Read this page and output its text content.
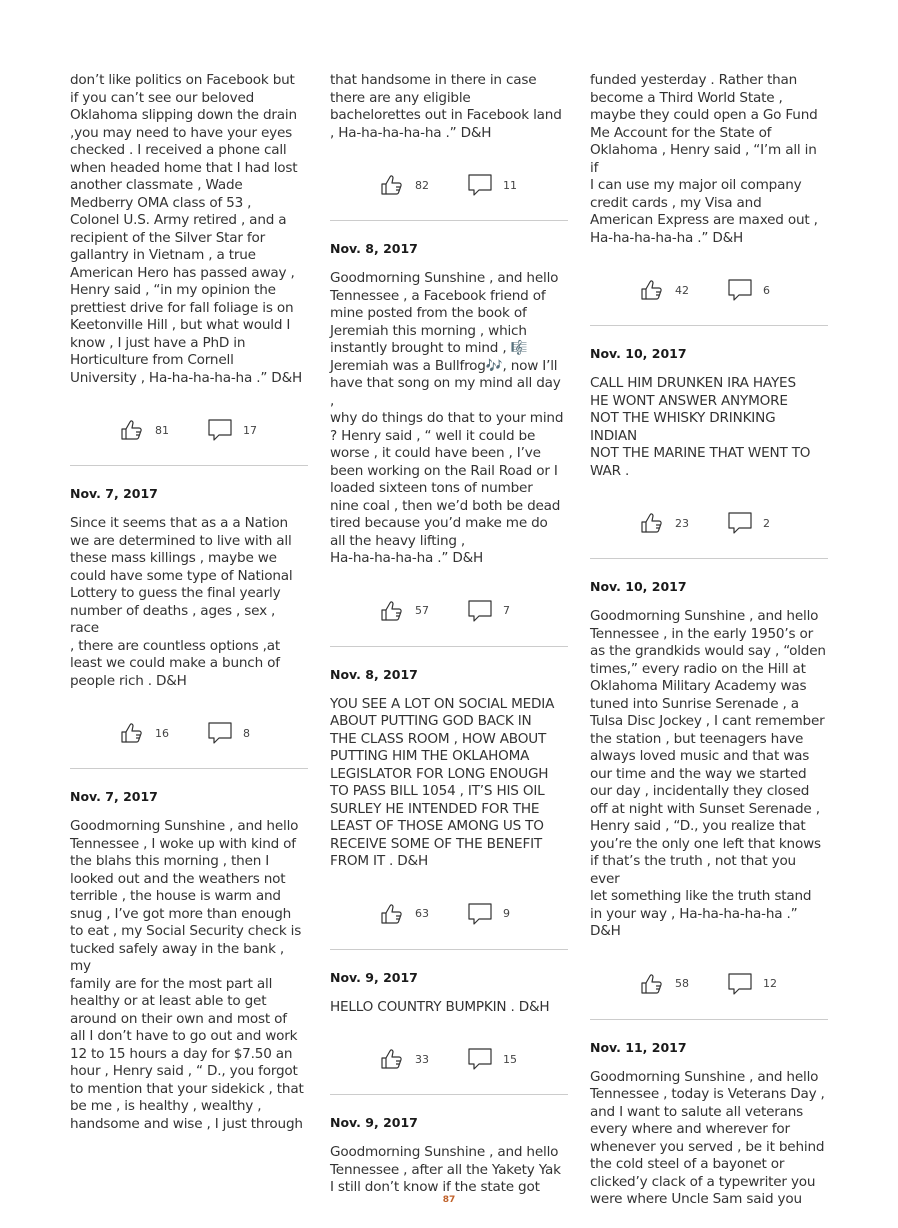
don’t like politics on Facebook but
if you can’t see our beloved
Oklahoma slipping down the drain
,you may need to have your eyes
checked . I received a phone call
when headed home that I had lost
another classmate , Wade
Medberry OMA class of 53 ,
Colonel U.S. Army retired , and a
recipient of the Silver Star for
gallantry in Vietnam , a true
American Hero has passed away ,
Henry said , “in my opinion the
prettiest drive for fall foliage is on
Keetonville Hill , but what would I
know , I just have a PhD in
Horticulture from Cornell
University , Ha-ha-ha-ha-ha .” D&H

81	17
Nov. 7, 2017

Since it seems that as a a Nation
we are determined to live with all
these mass killings , maybe we
could have some type of National
Lottery to guess the final yearly
number of deaths , ages , sex , race
, there are countless options ,at
least we could make a bunch of
people rich . D&H

16	8
Nov. 7, 2017

Goodmorning Sunshine , and hello
Tennessee , I woke up with kind of
the blahs this morning , then I
looked out and the weathers not
terrible , the house is warm and
snug , I’ve got more than enough
to eat , my Social Security check is
tucked safely away in the bank , my
family are for the most part all
healthy or at least able to get
around on their own and most of
all I don’t have to go out and work
12 to 15 hours a day for $7.50 an
hour , Henry said , “ D., you forgot
to mention that your sidekick , that
be me , is healthy , wealthy ,
handsome and wise , I just through

that handsome in there in case
there are any eligible
bachelorettes out in Facebook land
, Ha-ha-ha-ha-ha .” D&H

82	11
Nov. 8, 2017

Goodmorning Sunshine , and hello
Tennessee , a Facebook friend of
mine posted from the book of
Jeremiah this morning , which
instantly brought to mind , 🎼
Jeremiah was a Bullfrog🎶, now I’ll
have that song on my mind all day ,
why do things do that to your mind
? Henry said , “ well it could be
worse , it could have been , I’ve
been working on the Rail Road or I
loaded sixteen tons of number
nine coal , then we’d both be dead
tired because you’d make me do
all the heavy lifting ,
Ha-ha-ha-ha-ha .” D&H

57	7
Nov. 8, 2017

YOU SEE A LOT ON SOCIAL MEDIA
ABOUT PUTTING GOD BACK IN
THE CLASS ROOM , HOW ABOUT
PUTTING HIM THE OKLAHOMA
LEGISLATOR FOR LONG ENOUGH
TO PASS BILL 1054 , IT’S HIS OIL
SURLEY HE INTENDED FOR THE
LEAST OF THOSE AMONG US TO
RECEIVE SOME OF THE BENEFIT
FROM IT . D&H

63	9
Nov. 9, 2017

HELLO COUNTRY BUMPKIN . D&H

33	15
Nov. 9, 2017

Goodmorning Sunshine , and hello
Tennessee , after all the Yakety Yak
I still don’t know if the state got

funded yesterday . Rather than
become a Third World State ,
maybe they could open a Go Fund
Me Account for the State of
Oklahoma , Henry said , “I’m all in if
I can use my major oil company
credit cards , my Visa and
American Express are maxed out ,
Ha-ha-ha-ha-ha .” D&H

42	6
Nov. 10, 2017

CALL HIM DRUNKEN IRA HAYES
HE WONT ANSWER ANYMORE
NOT THE WHISKY DRINKING
INDIAN
NOT THE MARINE THAT WENT TO
WAR .

23	2
Nov. 10, 2017

Goodmorning Sunshine , and hello
Tennessee , in the early 1950’s or
as the grandkids would say , “olden
times,” every radio on the Hill at
Oklahoma Military Academy was
tuned into Sunrise Serenade , a
Tulsa Disc Jockey , I cant remember
the station , but teenagers have
always loved music and that was
our time and the way we started
our day , incidentally they closed
off at night with Sunset Serenade ,
Henry said , “D., you realize that
you’re the only one left that knows
if that’s the truth , not that you ever
let something like the truth stand
in your way , Ha-ha-ha-ha-ha .”
D&H

58	12
Nov. 11, 2017

Goodmorning Sunshine , and hello
Tennessee , today is Veterans Day ,
and I want to salute all veterans
every where and wherever for
whenever you served , be it behind
the cold steel of a bayonet or
clicked’y clack of a typewriter you
were where Uncle Sam said you

87
